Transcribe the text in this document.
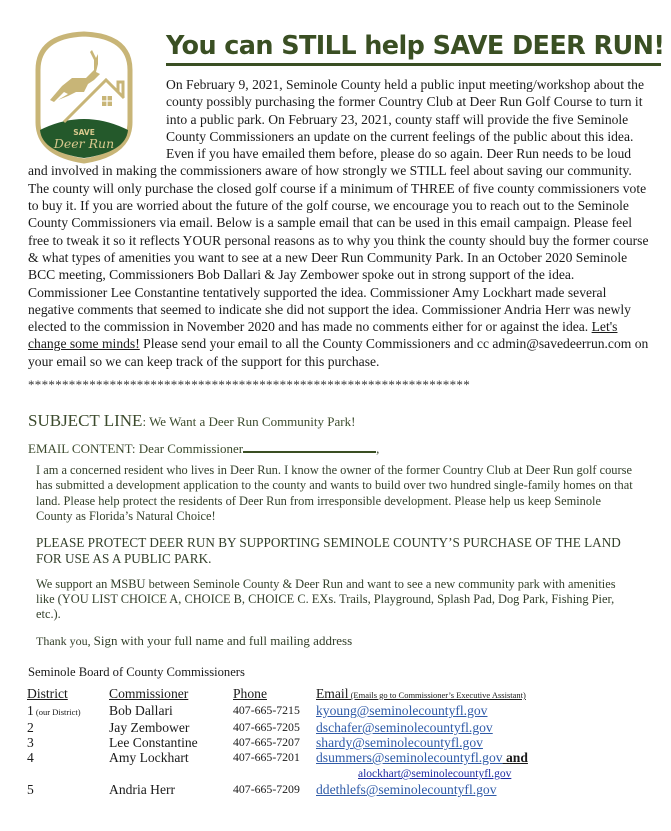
SAVE
Deer Run
You can STILL help SAVE DEER RUN!
On February 9, 2021, Seminole County held a public input meeting/workshop about the county possibly purchasing the former Country Club at Deer Run Golf Course to turn it into a public park. On February 23, 2021, county staff will provide the five Seminole County Commissioners an update on the current feelings of the public about this idea. Even if you have emailed them before, please do so again. Deer Run needs to be loud and involved in making the commissioners aware of how strongly we STILL feel about saving our community. The county will only purchase the closed golf course if a minimum of THREE of five county commissioners vote to buy it. If you are worried about the future of the golf course, we encourage you to reach out to the Seminole County Commissioners via email. Below is a sample email that can be used in this email campaign. Please feel free to tweak it so it reflects YOUR personal reasons as to why you think the county should buy the former course & what types of amenities you want to see at a new Deer Run Community Park. In an October 2020 Seminole BCC meeting, Commissioners Bob Dallari & Jay Zembower spoke out in strong support of the idea. Commissioner Lee Constantine tentatively supported the idea. Commissioner Amy Lockhart made several negative comments that seemed to indicate she did not support the idea. Commissioner Andria Herr was newly elected to the commission in November 2020 and has made no comments either for or against the idea. Let's change some minds! Please send your email to all the County Commissioners and cc admin@savedeerrun.com on your email so we can keep track of the support for this purchase.
*****************************************************************
SUBJECT LINE: We Want a Deer Run Community Park!
EMAIL CONTENT: Dear Commissioner	,

I am a concerned resident who lives in Deer Run. I know the owner of the former Country Club at Deer Run golf course has submitted a development application to the county and wants to build over two hundred single-family homes on that land. Please help protect the residents of Deer Run from irresponsible development. Please help us keep Seminole County as Florida’s Natural Choice!

PLEASE PROTECT DEER RUN BY SUPPORTING SEMINOLE COUNTY’S PURCHASE OF THE LAND FOR USE AS A PUBLIC PARK.

We support an MSBU between Seminole County & Deer Run and want to see a new community park with amenities like (YOU LIST CHOICE A, CHOICE B, CHOICE C. EXs. Trails, Playground, Splash Pad, Dog Park, Fishing Pier, etc.).

Thank you, Sign with your full name and full mailing address

Seminole Board of County Commissioners
District	Commissioner	Phone	Email (Emails go to Commissioner’s Executive Assistant)
1 (our District)	Bob Dallari	407-665-7215	kyoung@seminolecountyfl.gov
2	Jay Zembower	407-665-7205	dschafer@seminolecountyfl.gov
3	Lee Constantine	407-665-7207	shardy@seminolecountyfl.gov
4	Amy Lockhart	407-665-7201	dsummers@seminolecountyfl.gov and
alockhart@seminolecountyfl.gov
5	Andria Herr	407-665-7209	ddethlefs@seminolecountyfl.gov
